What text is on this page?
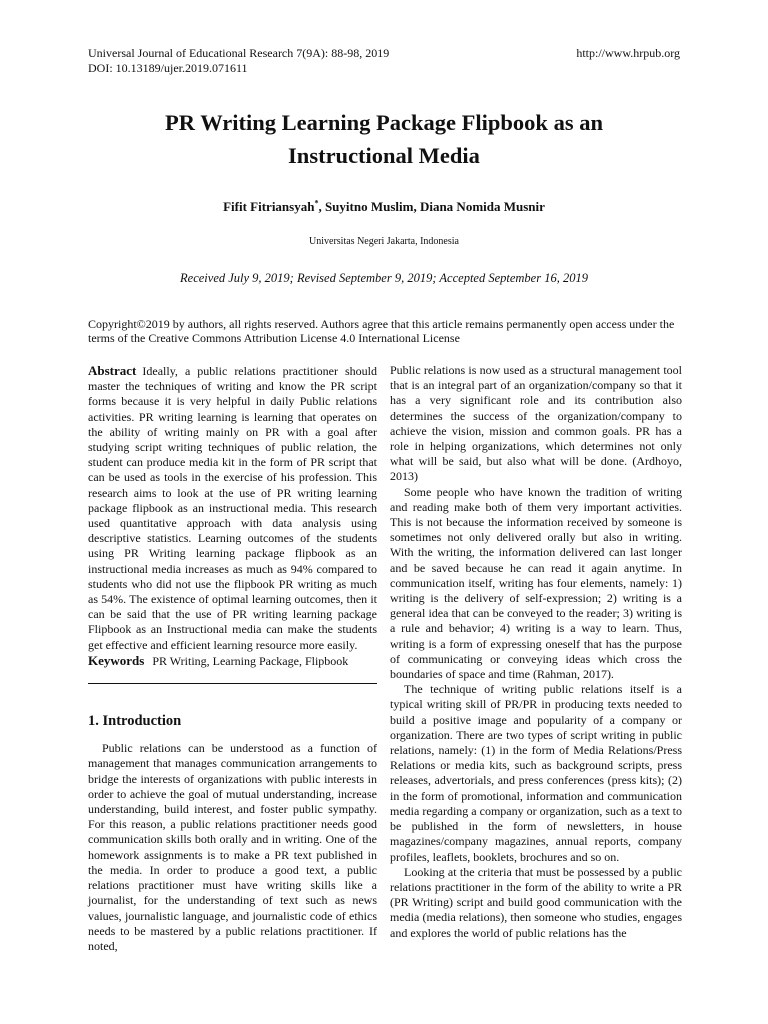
Universal Journal of Educational Research 7(9A): 88-98, 2019
DOI: 10.13189/ujer.2019.071611
http://www.hrpub.org
PR Writing Learning Package Flipbook as an
Instructional Media
Fifit Fitriansyah*, Suyitno Muslim, Diana Nomida Musnir
Universitas Negeri Jakarta, Indonesia
Received July 9, 2019; Revised September 9, 2019; Accepted September 16, 2019
Copyright©2019 by authors, all rights reserved. Authors agree that this article remains permanently open access under the terms of the Creative Commons Attribution License 4.0 International License

Abstract Ideally, a public relations practitioner should master the techniques of writing and know the PR script forms because it is very helpful in daily Public relations activities. PR writing learning is learning that operates on the ability of writing mainly on PR with a goal after studying script writing techniques of public relation, the student can produce media kit in the form of PR script that can be used as tools in the exercise of his profession. This research aims to look at the use of PR writing learning package flipbook as an instructional media. This research used quantitative approach with data analysis using descriptive statistics. Learning outcomes of the students using PR Writing learning package flipbook as an instructional media increases as much as 94% compared to students who did not use the flipbook PR writing as much as 54%. The existence of optimal learning outcomes, then it can be said that the use of PR writing learning package Flipbook as an Instructional media can make the students get effective and efficient learning resource more easily.

Keywords PR Writing, Learning Package, Flipbook

1. Introduction

Public relations can be understood as a function of management that manages communication arrangements to bridge the interests of organizations with public interests in order to achieve the goal of mutual understanding, increase understanding, build interest, and foster public sympathy. For this reason, a public relations practitioner needs good communication skills both orally and in writing. One of the homework assignments is to make a PR text published in the media. In order to produce a good text, a public relations practitioner must have writing skills like a journalist, for the understanding of text such as news values, journalistic language, and journalistic code of ethics needs to be mastered by a public relations practitioner. If noted,

Public relations is now used as a structural management tool that is an integral part of an organization/company so that it has a very significant role and its contribution also determines the success of the organization/company to achieve the vision, mission and common goals. PR has a role in helping organizations, which determines not only what will be said, but also what will be done. (Ardhoyo, 2013)

Some people who have known the tradition of writing and reading make both of them very important activities. This is not because the information received by someone is sometimes not only delivered orally but also in writing. With the writing, the information delivered can last longer and be saved because he can read it again anytime. In communication itself, writing has four elements, namely: 1) writing is the delivery of self-expression; 2) writing is a general idea that can be conveyed to the reader; 3) writing is a rule and behavior; 4) writing is a way to learn. Thus, writing is a form of expressing oneself that has the purpose of communicating or conveying ideas which cross the boundaries of space and time (Rahman, 2017).

The technique of writing public relations itself is a typical writing skill of PR/PR in producing texts needed to build a positive image and popularity of a company or organization. There are two types of script writing in public relations, namely: (1) in the form of Media Relations/Press Relations or media kits, such as background scripts, press releases, advertorials, and press conferences (press kits); (2) in the form of promotional, information and communication media regarding a company or organization, such as a text to be published in the form of newsletters, in house magazines/company magazines, annual reports, company profiles, leaflets, booklets, brochures and so on.

Looking at the criteria that must be possessed by a public relations practitioner in the form of the ability to write a PR (PR Writing) script and build good communication with the media (media relations), then someone who studies, engages and explores the world of public relations has the
